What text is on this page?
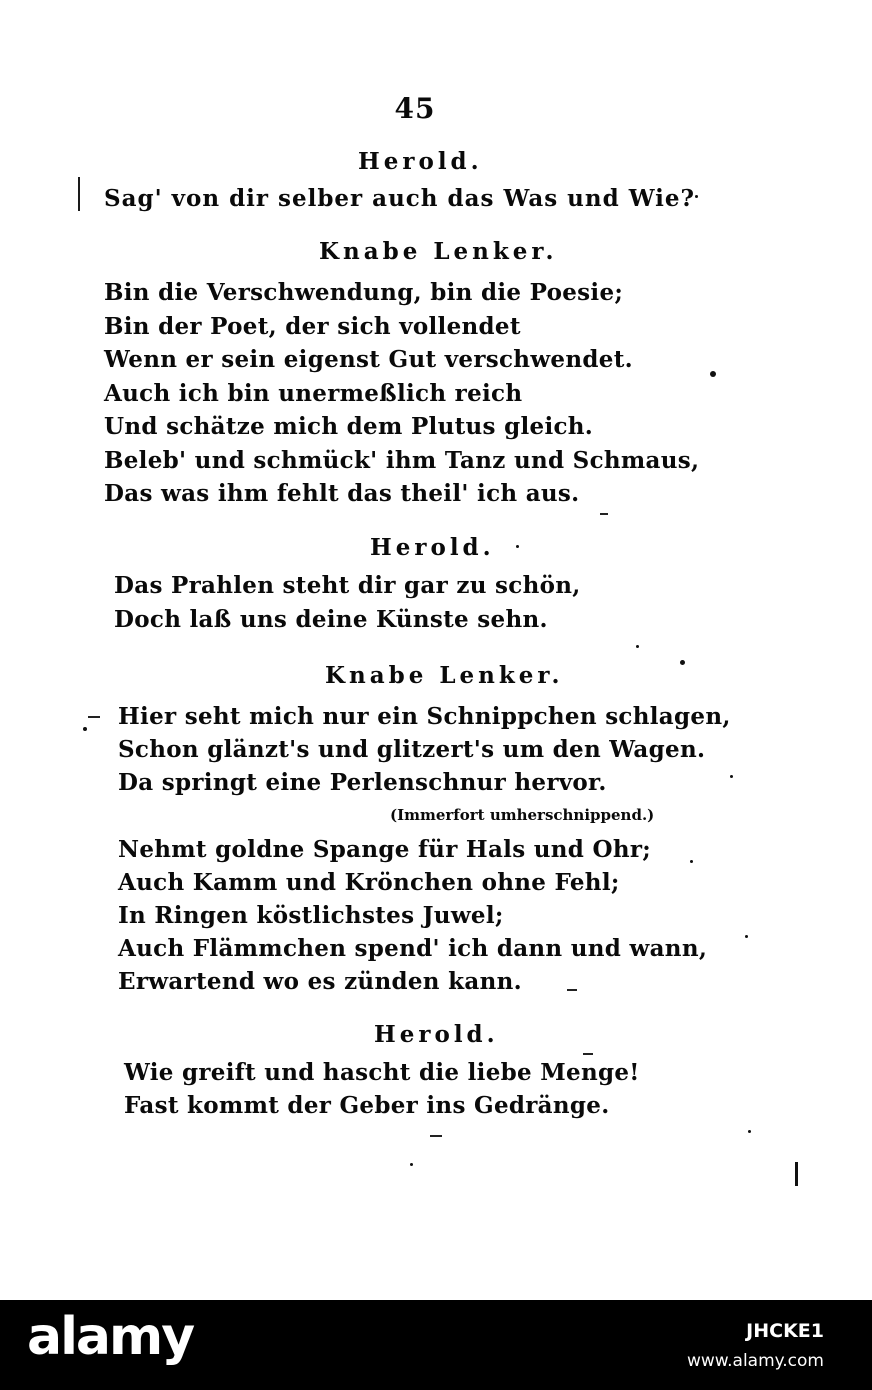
45
Herold.
Sag' von dir selber auch das Was und Wie?
Knabe Lenker.
Bin die Verschwendung, bin die Poesie;
Bin der Poet, der sich vollendet
Wenn er sein eigenst Gut verschwendet.
Auch ich bin unermeßlich reich
Und schätze mich dem Plutus gleich.
Beleb' und schmück' ihm Tanz und Schmaus,
Das was ihm fehlt das theil' ich aus.
Herold.
Das Prahlen steht dir gar zu schön,
Doch laß uns deine Künste sehn.
Knabe Lenker.
Hier seht mich nur ein Schnippchen schlagen,
Schon glänzt's und glitzert's um den Wagen.
Da springt eine Perlenschnur hervor.
(Immerfort umherschnippend.)
Nehmt goldne Spange für Hals und Ohr;
Auch Kamm und Krönchen ohne Fehl;
In Ringen köstlichstes Juwel;
Auch Flämmchen spend' ich dann und wann,
Erwartend wo es zünden kann.
Herold.
Wie greift und hascht die liebe Menge!
Fast kommt der Geber ins Gedränge.
alamy	JHCKE1
www.alamy.com
